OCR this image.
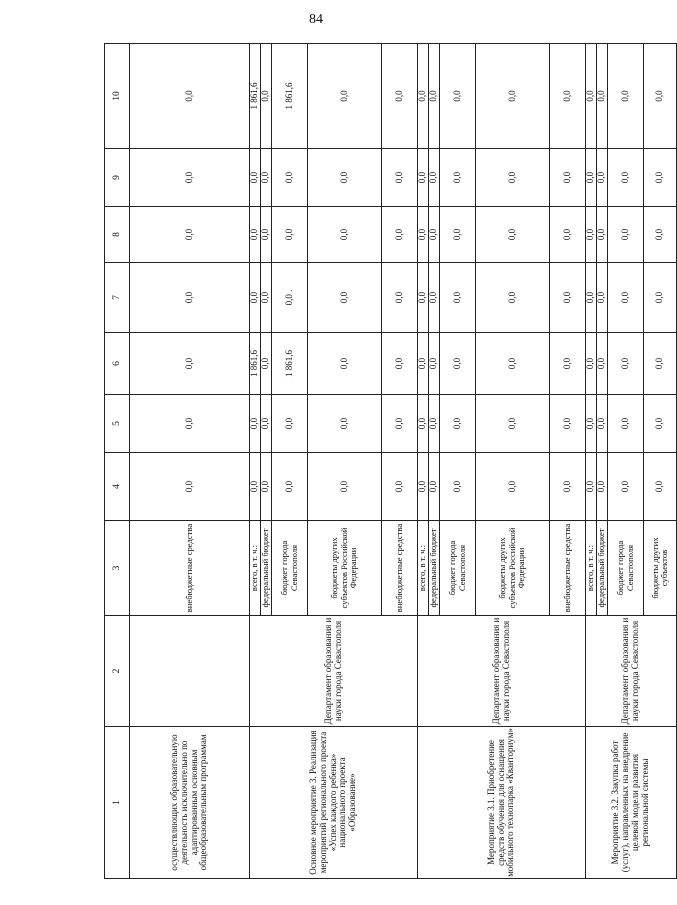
84
1	2	3	4	5	6	7	8	9	10
осуществляющих образовательную деятельность исключительно по адаптированным основным общеобразовательным программам		внебюджетные средства	0,0	0,0	0,0	0,0	0,0	0,0	0,0
Основное мероприятие 3. Реализация мероприятий регионального проекта «Успех каждого ребенка» национального проекта «Образование»	Департамент образования и науки города Севастополя	всего, в т. ч.:	0,0	0,0	1 861,6	0,0	0,0	0,0	1 861,6
		федеральный бюджет	0,0	0,0	0,0	0,0	0,0	0,0	0,0
		бюджет города Севастополя	0,0	0,0	1 861,6	0,0 .	0,0	0,0	1 861,6
		бюджеты других субъектов Российской Федерации	0,0	0,0	0,0	0,0	0,0	0,0	0,0
		внебюджетные средства	0,0	0,0	0,0	0,0	0,0	0,0	0,0
Мероприятие 3.1. Приобретение средств обучения для оснащения мобильного технопарка «Кванториум»	Департамент образования и науки города Севастополя	всего, в т. ч.:	0,0	0,0	0,0	0,0	0,0	0,0	0,0
		федеральный бюджет	0,0	0,0	0,0	0,0	0,0	0,0	0,0
		бюджет города Севастополя	0,0	0,0	0,0	0,0	0,0	0,0	0,0
		бюджеты других субъектов Российской Федерации	0,0	0,0	0,0	0,0	0,0	0,0	0,0
		внебюджетные средства	0,0	0,0	0,0	0,0	0,0	0,0	0,0
Мероприятие 3.2. Закупка работ (услуг), направленных на внедрение целевой модели развития региональной системы	Департамент образования и науки города Севастополя	всего, в т. ч.:	0,0	0,0	0,0	0,0	0,0	0,0	0,0
		федеральный бюджет	0,0	0,0	0,0	0,0	0,0	0,0	0,0
		бюджет города Севастополя	0,0	0,0	0,0	0,0	0,0	0,0	0,0
		бюджеты других субъектов	0,0	0,0	0,0	0,0	0,0	0,0	0,0
